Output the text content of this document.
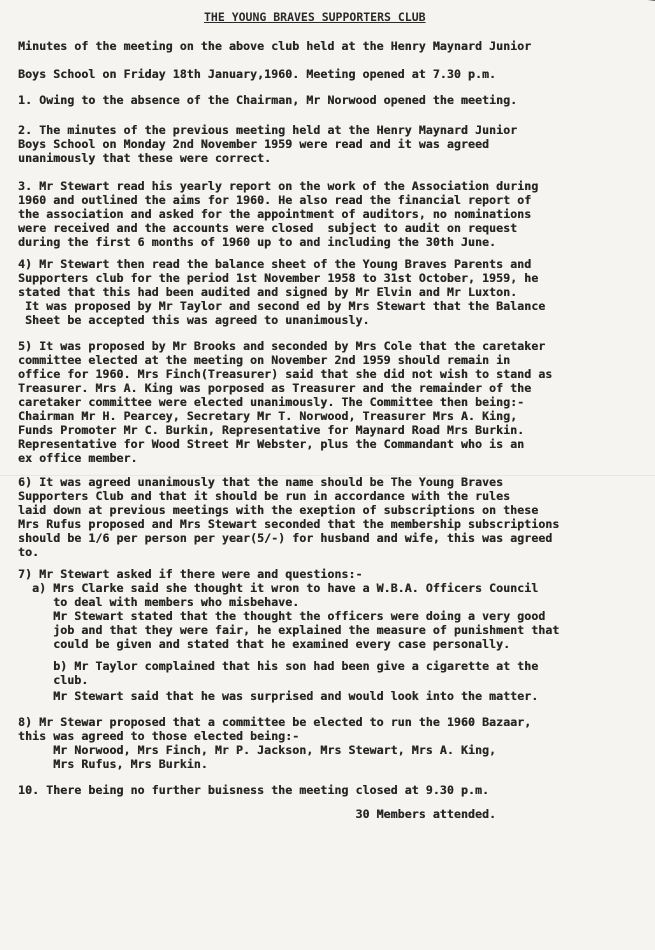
THE YOUNG BRAVES SUPPORTERS CLUB
Minutes of the meeting on the above club held at the Henry Maynard Junior
Boys School on Friday 18th January,1960. Meeting opened at 7.30 p.m.
1. Owing to the absence of the Chairman, Mr Norwood opened the meeting.
2. The minutes of the previous meeting held at the Henry Maynard Junior
Boys School on Monday 2nd November 1959 were read and it was agreed
unanimously that these were correct.
3. Mr Stewart read his yearly report on the work of the Association during
1960 and outlined the aims for 1960. He also read the financial report of
the association and asked for the appointment of auditors, no nominations
were received and the accounts were closed  subject to audit on request
during the first 6 months of 1960 up to and including the 30th June.
4) Mr Stewart then read the balance sheet of the Young Braves Parents and
Supporters club for the period 1st November 1958 to 31st October, 1959, he
stated that this had been audited and signed by Mr Elvin and Mr Luxton.
It was proposed by Mr Taylor and second ed by Mrs Stewart that the Balance
Sheet be accepted this was agreed to unanimously.
5) It was proposed by Mr Brooks and seconded by Mrs Cole that the caretaker
committee elected at the meeting on November 2nd 1959 should remain in
office for 1960. Mrs Finch(Treasurer) said that she did not wish to stand as
Treasurer. Mrs A. King was porposed as Treasurer and the remainder of the
caretaker committee were elected unanimously. The Committee then being:-
Chairman Mr H. Pearcey, Secretary Mr T. Norwood, Treasurer Mrs A. King,
Funds Promoter Mr C. Burkin, Representative for Maynard Road Mrs Burkin.
Representative for Wood Street Mr Webster, plus the Commandant who is an
ex office member.
6) It was agreed unanimously that the name should be The Young Braves
Supporters Club and that it should be run in accordance with the rules
laid down at previous meetings with the exeption of subscriptions on these
Mrs Rufus proposed and Mrs Stewart seconded that the membership subscriptions
should be 1/6 per person per year(5/-) for husband and wife, this was agreed
to.
7) Mr Stewart asked if there were and questions:-
a) Mrs Clarke said she thought it wron to have a W.B.A. Officers Council
to deal with members who misbehave.
Mr Stewart stated that the thought the officers were doing a very good
job and that they were fair, he explained the measure of punishment that
could be given and stated that he examined every case personally.
b) Mr Taylor complained that his son had been give a cigarette at the
club.
Mr Stewart said that he was surprised and would look into the matter.
8) Mr Stewar proposed that a committee be elected to run the 1960 Bazaar,
this was agreed to those elected being:-
Mr Norwood, Mrs Finch, Mr P. Jackson, Mrs Stewart, Mrs A. King,
Mrs Rufus, Mrs Burkin.
10. There being no further buisness the meeting closed at 9.30 p.m.
30 Members attended.
